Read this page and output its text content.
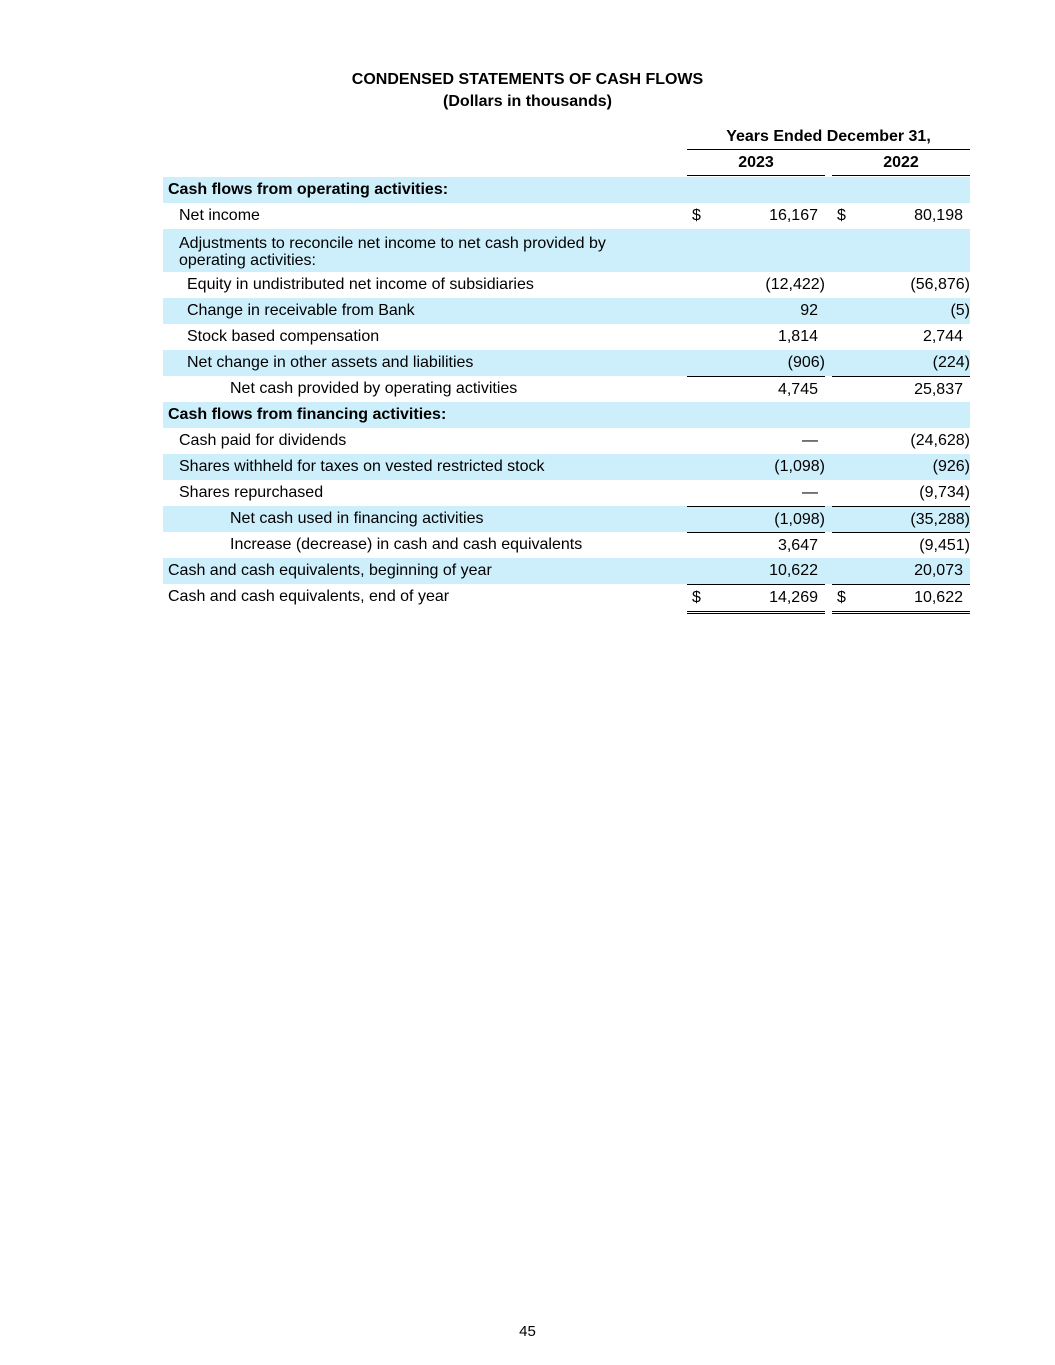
CONDENSED STATEMENTS OF CASH FLOWS
(Dollars in thousands)
Years Ended December 31,
2023	2022
Cash flows from operating activities:
Net income	$	16,167 $	80,198
Adjustments to reconcile net income to net cash provided by operating activities:
Equity in undistributed net income of subsidiaries	(12,422)	(56,876)
Change in receivable from Bank	92	(5)
Stock based compensation	1,814	2,744
Net change in other assets and liabilities	(906)	(224)
Net cash provided by operating activities	4,745	25,837
Cash flows from financing activities:
Cash paid for dividends	—	(24,628)
Shares withheld for taxes on vested restricted stock	(1,098)	(926)
Shares repurchased	—	(9,734)
Net cash used in financing activities	(1,098)	(35,288)
Increase (decrease) in cash and cash equivalents	3,647	(9,451)
Cash and cash equivalents, beginning of year	10,622	20,073
Cash and cash equivalents, end of year	$	14,269 $	10,622
45
